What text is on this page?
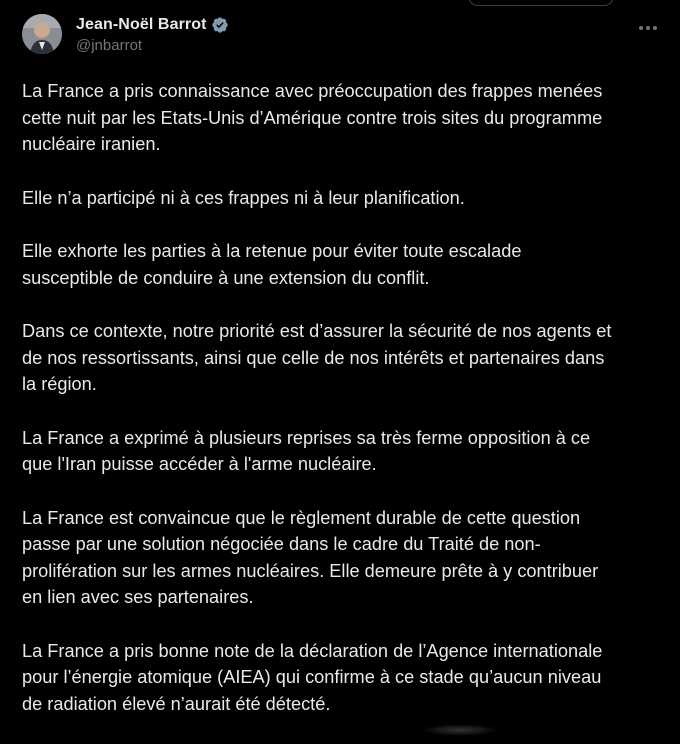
Jean-Noël Barrot
@jnbarrot

La France a pris connaissance avec préoccupation des frappes menées
cette nuit par les Etats-Unis d’Amérique contre trois sites du programme
nucléaire iranien.

Elle n’a participé ni à ces frappes ni à leur planification.

Elle exhorte les parties à la retenue pour éviter toute escalade
susceptible de conduire à une extension du conflit.

Dans ce contexte, notre priorité est d’assurer la sécurité de nos agents et
de nos ressortissants, ainsi que celle de nos intérêts et partenaires dans
la région.

La France a exprimé à plusieurs reprises sa très ferme opposition à ce
que l'Iran puisse accéder à l'arme nucléaire.

La France est convaincue que le règlement durable de cette question
passe par une solution négociée dans le cadre du Traité de non-
prolifération sur les armes nucléaires. Elle demeure prête à y contribuer
en lien avec ses partenaires.

La France a pris bonne note de la déclaration de l’Agence internationale
pour l’énergie atomique (AIEA) qui confirme à ce stade qu’aucun niveau
de radiation élevé n’aurait été détecté.
